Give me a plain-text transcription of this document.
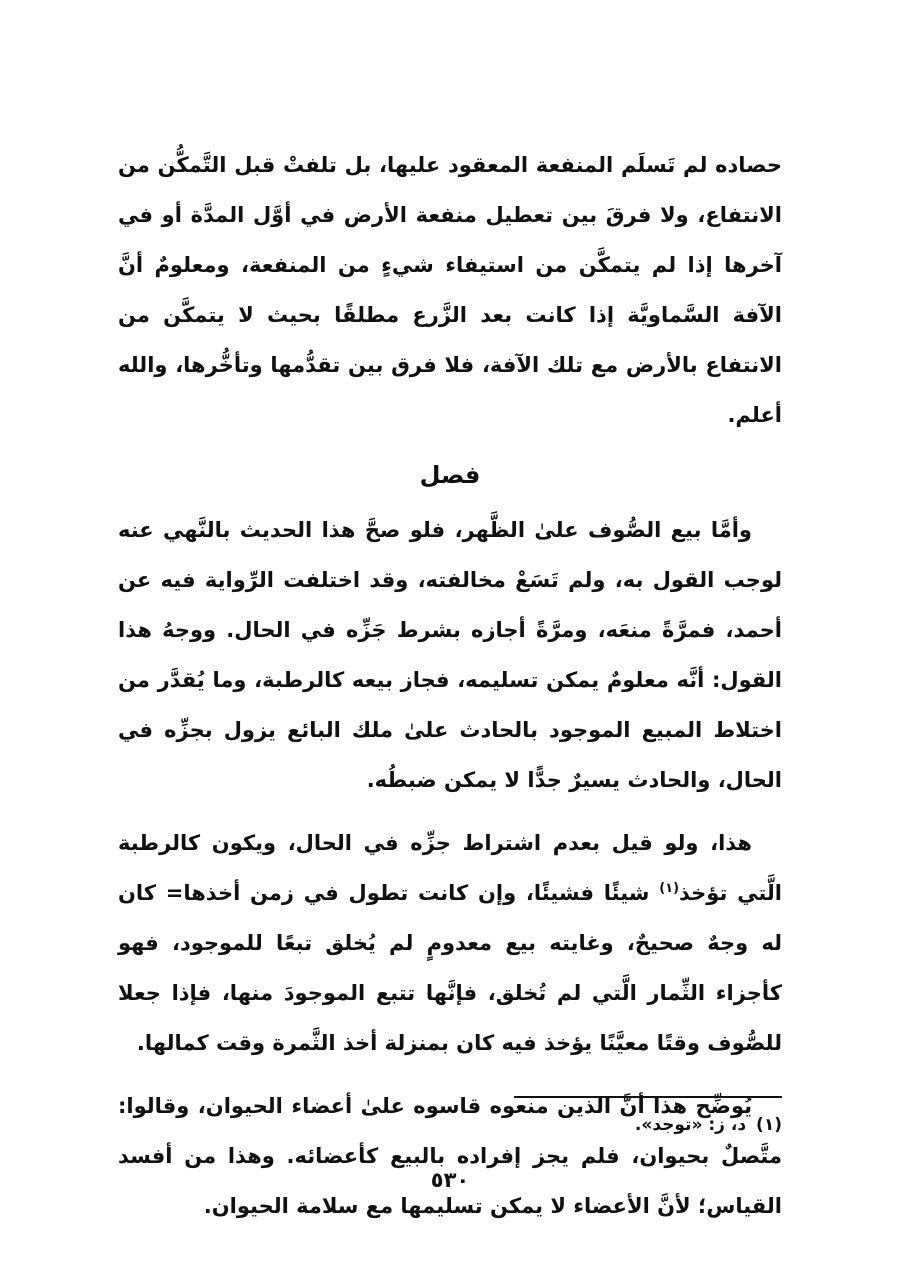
حصاده لم تَسلَم المنفعة المعقود عليها، بل تلفتْ قبل التَّمكُّن من الانتفاع، ولا فرقَ بين تعطيل منفعة الأرض في أوَّل المدَّة أو في آخرها إذا لم يتمكَّن من استيفاء شيءٍ من المنفعة، ومعلومٌ أنَّ الآفة السَّماويَّة إذا كانت بعد الزَّرع مطلقًا بحيث لا يتمكَّن من الانتفاع بالأرض مع تلك الآفة، فلا فرق بين تقدُّمها وتأخُّرها، والله أعلم.

فصل

وأمَّا بيع الصُّوف علىٰ الظَّهر، فلو صحَّ هذا الحديث بالنَّهي عنه لوجب القول به، ولم تَسَعْ مخالفته، وقد اختلفت الرِّواية فيه عن أحمد، فمرَّةً منعَه، ومرَّةً أجازه بشرط جَزِّه في الحال. ووجهُ هذا القول: أنَّه معلومٌ يمكن تسليمه، فجاز بيعه كالرطبة، وما يُقدَّر من اختلاط المبيع الموجود بالحادث علىٰ ملك البائع يزول بجزِّه في الحال، والحادث يسيرٌ جدًّا لا يمكن ضبطُه.

هذا، ولو قيل بعدم اشتراط جزِّه في الحال، ويكون كالرطبة الَّتي تؤخذ$^{(١)}$ شيئًا فشيئًا، وإن كانت تطول في زمن أخذها= كان له وجهٌ صحيحٌ، وغايته بيع معدومٍ لم يُخلق تبعًا للموجود، فهو كأجزاء الثِّمار الَّتي لم تُخلق، فإنَّها تتبع الموجودَ منها، فإذا جعلا للصُّوف وقتًا معيَّنًا يؤخذ فيه كان بمنزلة أخذ الثَّمرة وقت كمالها.

يُوضِّح هذا أنَّ الذين منعوه قاسوه علىٰ أعضاء الحيوان، وقالوا: متَّصلٌ بحيوان، فلم يجز إفراده بالبيع كأعضائه. وهذا من أفسد القياس؛ لأنَّ الأعضاء لا يمكن تسليمها مع سلامة الحيوان.

(١)د، ز: «توجد».

٥٣٠
